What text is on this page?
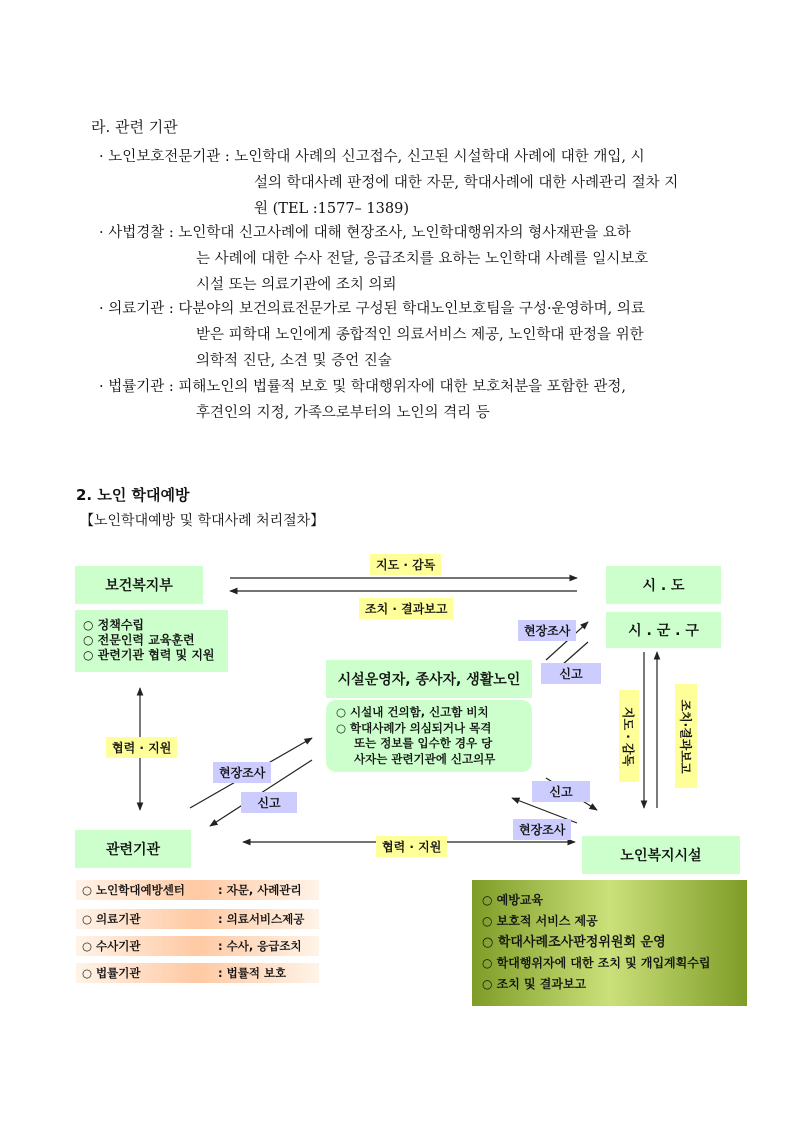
라. 관련 기관
· 노인보호전문기관 : 노인학대 사례의 신고접수, 신고된 시설학대 사례에 대한 개입, 시
설의 학대사례 판정에 대한 자문, 학대사례에 대한 사례관리 절차 지
원 (TEL :1577– 1389)
· 사법경찰 : 노인학대 신고사례에 대해 현장조사, 노인학대행위자의 형사재판을 요하
는 사례에 대한 수사 전달, 응급조치를 요하는 노인학대 사례를 일시보호
시설 또는 의료기관에 조치 의뢰
· 의료기관 : 다분야의 보건의료전문가로 구성된 학대노인보호팀을 구성·운영하며, 의료
받은 피학대 노인에게 종합적인 의료서비스 제공, 노인학대 판정을 위한
의학적 진단, 소견 및 증언 진술
· 법률기관 : 피해노인의 법률적 보호 및 학대행위자에 대한 보호처분을 포함한 관정,
후견인의 지정, 가족으로부터의 노인의 격리 등
2. 노인 학대예방
【노인학대예방 및 학대사례 처리절차】
보건복지부	시 . 도
시 . 군 . 구
시설운영자, 종사자, 생활노인
관련기관	노인복지시설
○ 정책수립
○ 전문인력 교육훈련
○ 관련기관 협력 및 지원
○ 시설내 건의함, 신고함 비치
○ 학대사례가 의심되거나 목격
또는 정보를 입수한 경우 당
사자는 관련기관에 신고의무
지도 · 감독
조치 · 결과보고
현장조사
신고
협력 · 지원
현장조사
신고
신고
현장조사
협력 · 지원
지도 · 감독	조치·결과보고
○ 노인학대예방센터	: 자문, 사례관리
○ 의료기관	: 의료서비스제공
○ 수사기관	: 수사, 응급조치
○ 법률기관	: 법률적 보호
○ 예방교육
○ 보호적 서비스 제공
○ 학대사례조사판정위원회 운영
○ 학대행위자에 대한 조치 및 개입계획수립
○ 조치 및 결과보고
